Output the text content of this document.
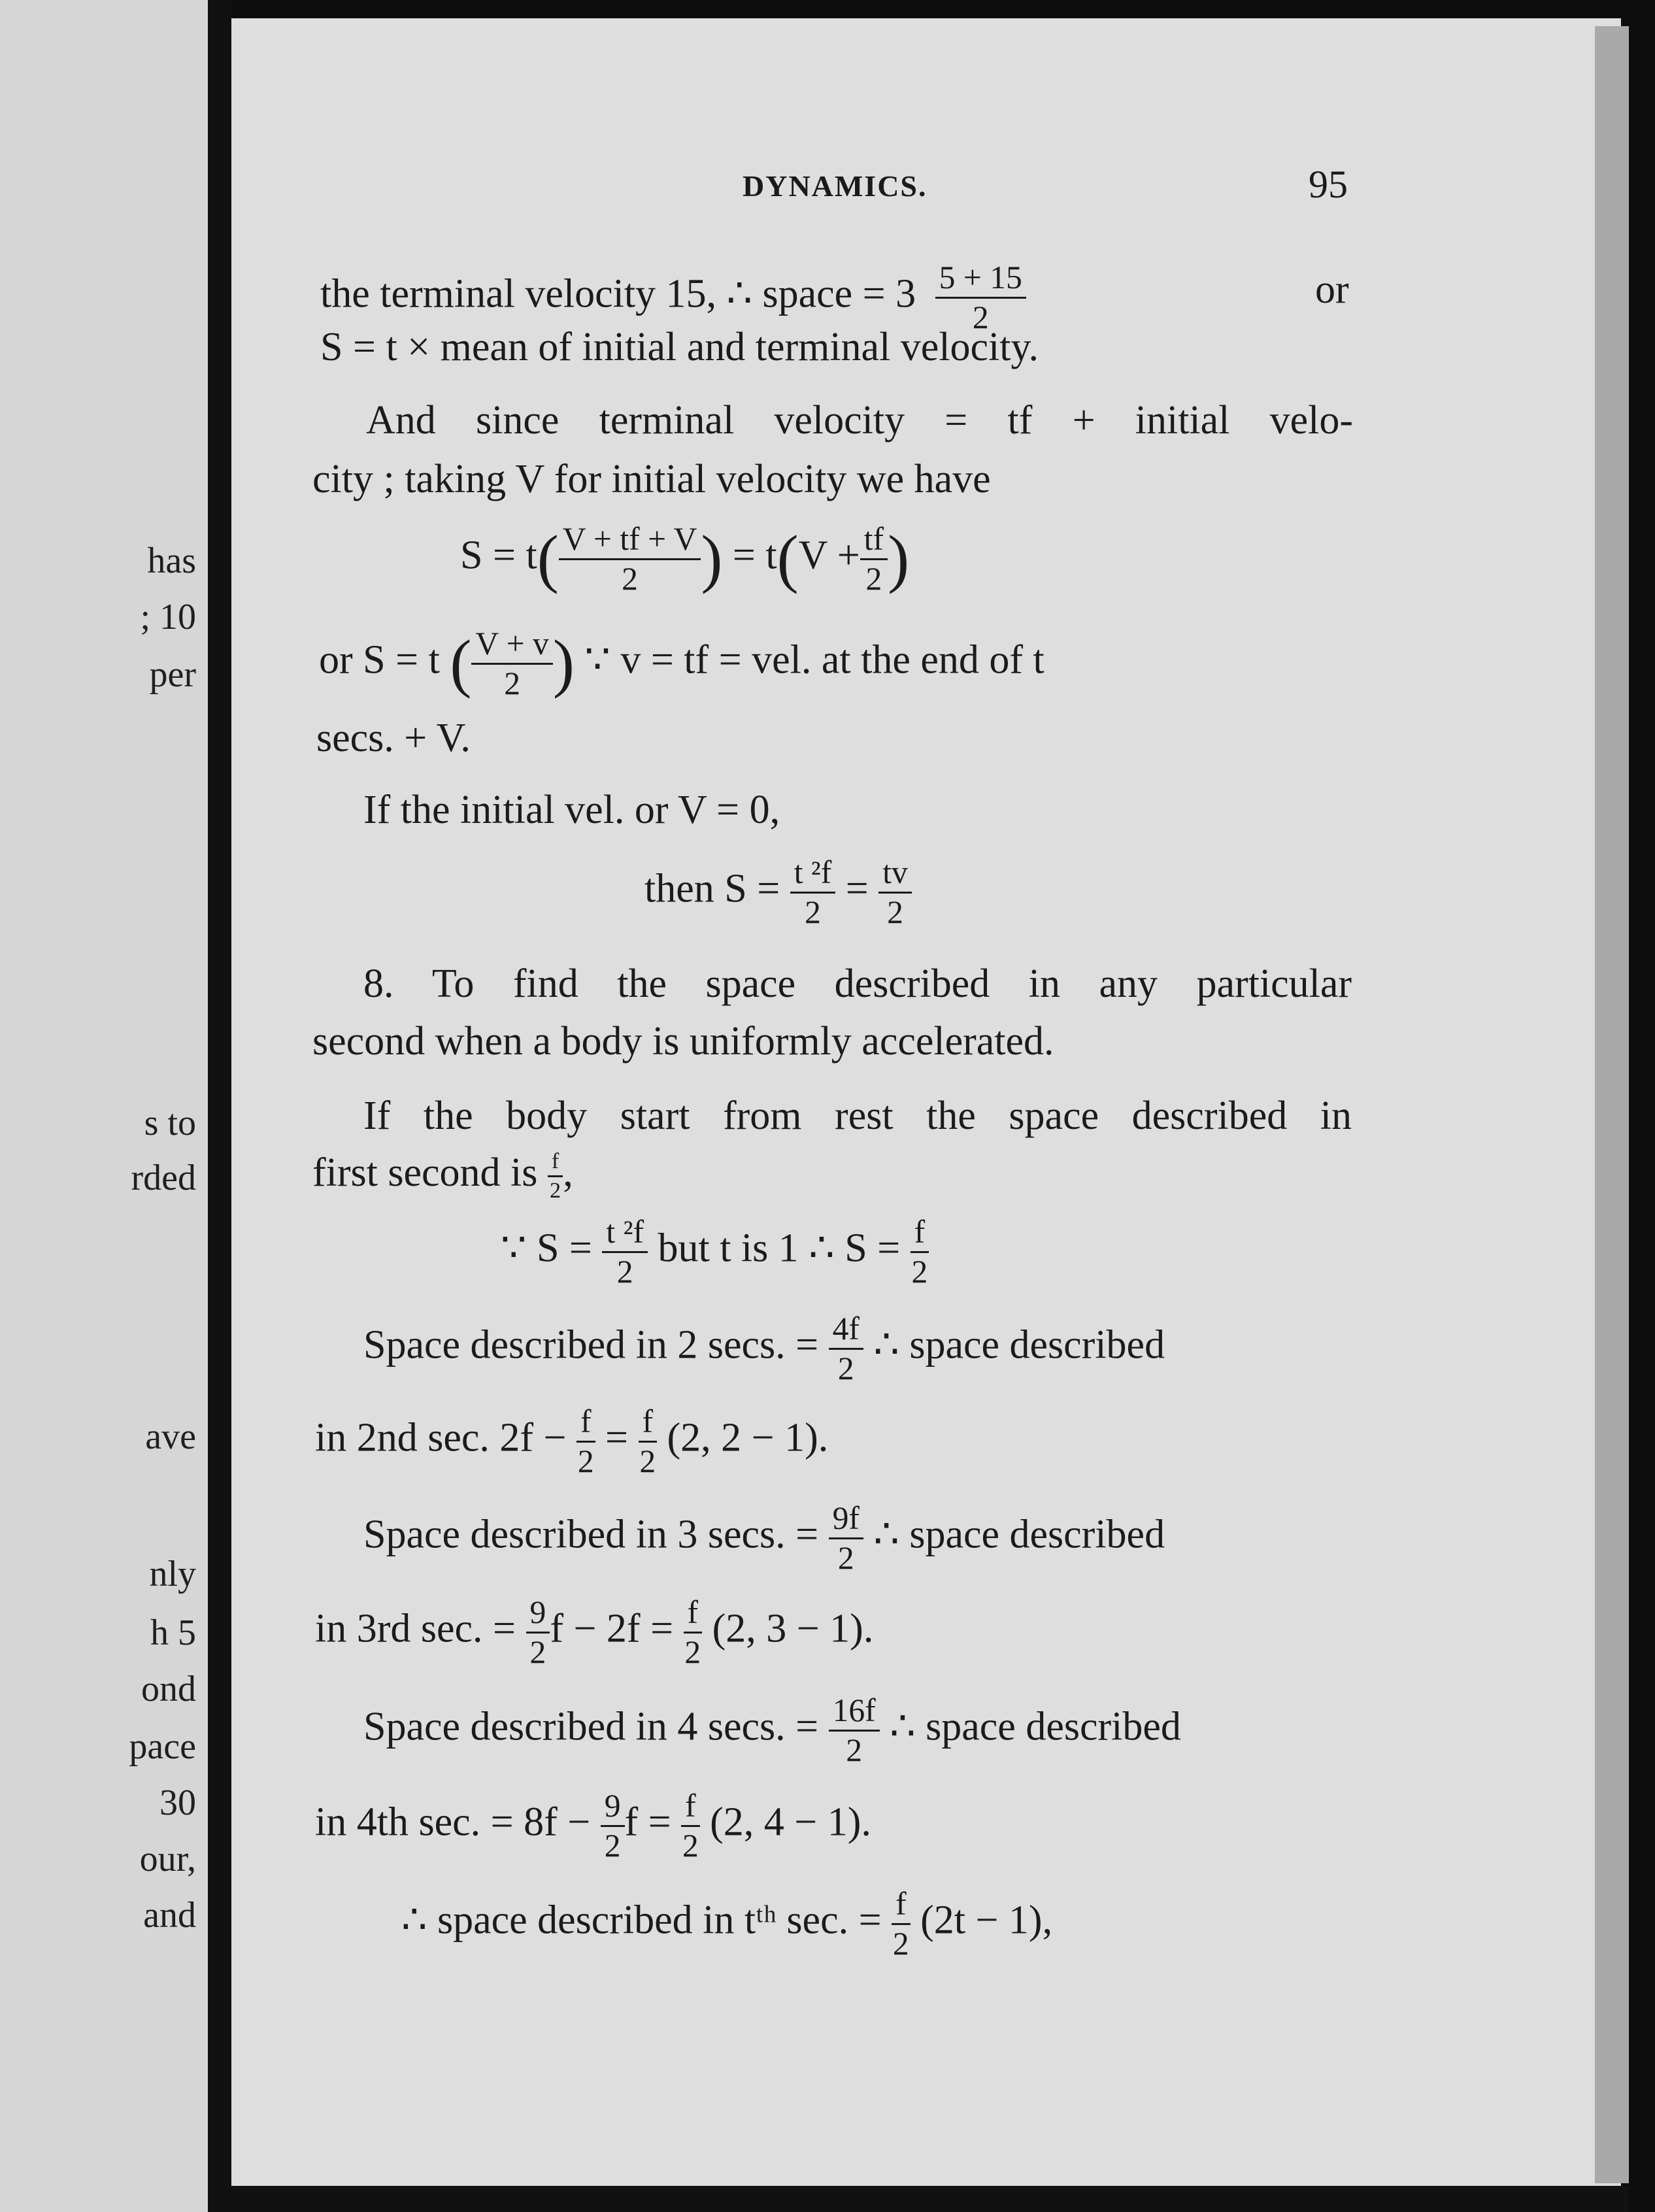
has
; 10
per
s to
rded
ave
nly
h 5
ond
pace
30
our,
and
DYNAMICS.	95
the terminal velocity 15, ∴ space = $3 \frac{5 + 15}{2}$	or
S = t × mean of initial and terminal velocity.
And since terminal velocity = tf + initial velo-
city ; taking V for initial velocity we have
$S = t( \frac{V + tf + V}{2}$ ) = $t(V + \frac{tf}{2}$ )
or S = t ( $\frac{V + v}{2}$ ) ∵ v = tf = vel. at the end of t
secs. + V.
If the initial vel. or V = 0,
then $S = \frac{\text{t ²f}}{2} = \frac{tv}{2}$
8. To find the space described in any particular
second when a body is uniformly accelerated.
If the body start from rest the space described in
first second is $\frac{f}{2}$ ,
∵ $S = \frac{\text{t ²f}}{2}$ but t is 1 ∴ $S = \frac{f}{2}$
Space described in 2 secs. = $\frac{4f}{2}$ ∴ space described
in 2nd sec. $2f - \frac{f}{2} = \frac{f}{2} (2$, 2 − 1).
Space described in 3 secs. = $\frac{9f}{2}$ ∴ space described
in 3rd sec. = $\frac{9}{2}$ $f - 2f = \frac{f}{2} (2$, 3 − 1).
Space described in 4 secs. = $\frac{16f}{2}$ ∴ space described
in 4th sec. = $8f - \frac{9}{2}$ $f = \frac{f}{2} (2$, 4 − 1).
∴ space described in tᵗʰ sec. = $\frac{f}{2} (2t - 1)$,
